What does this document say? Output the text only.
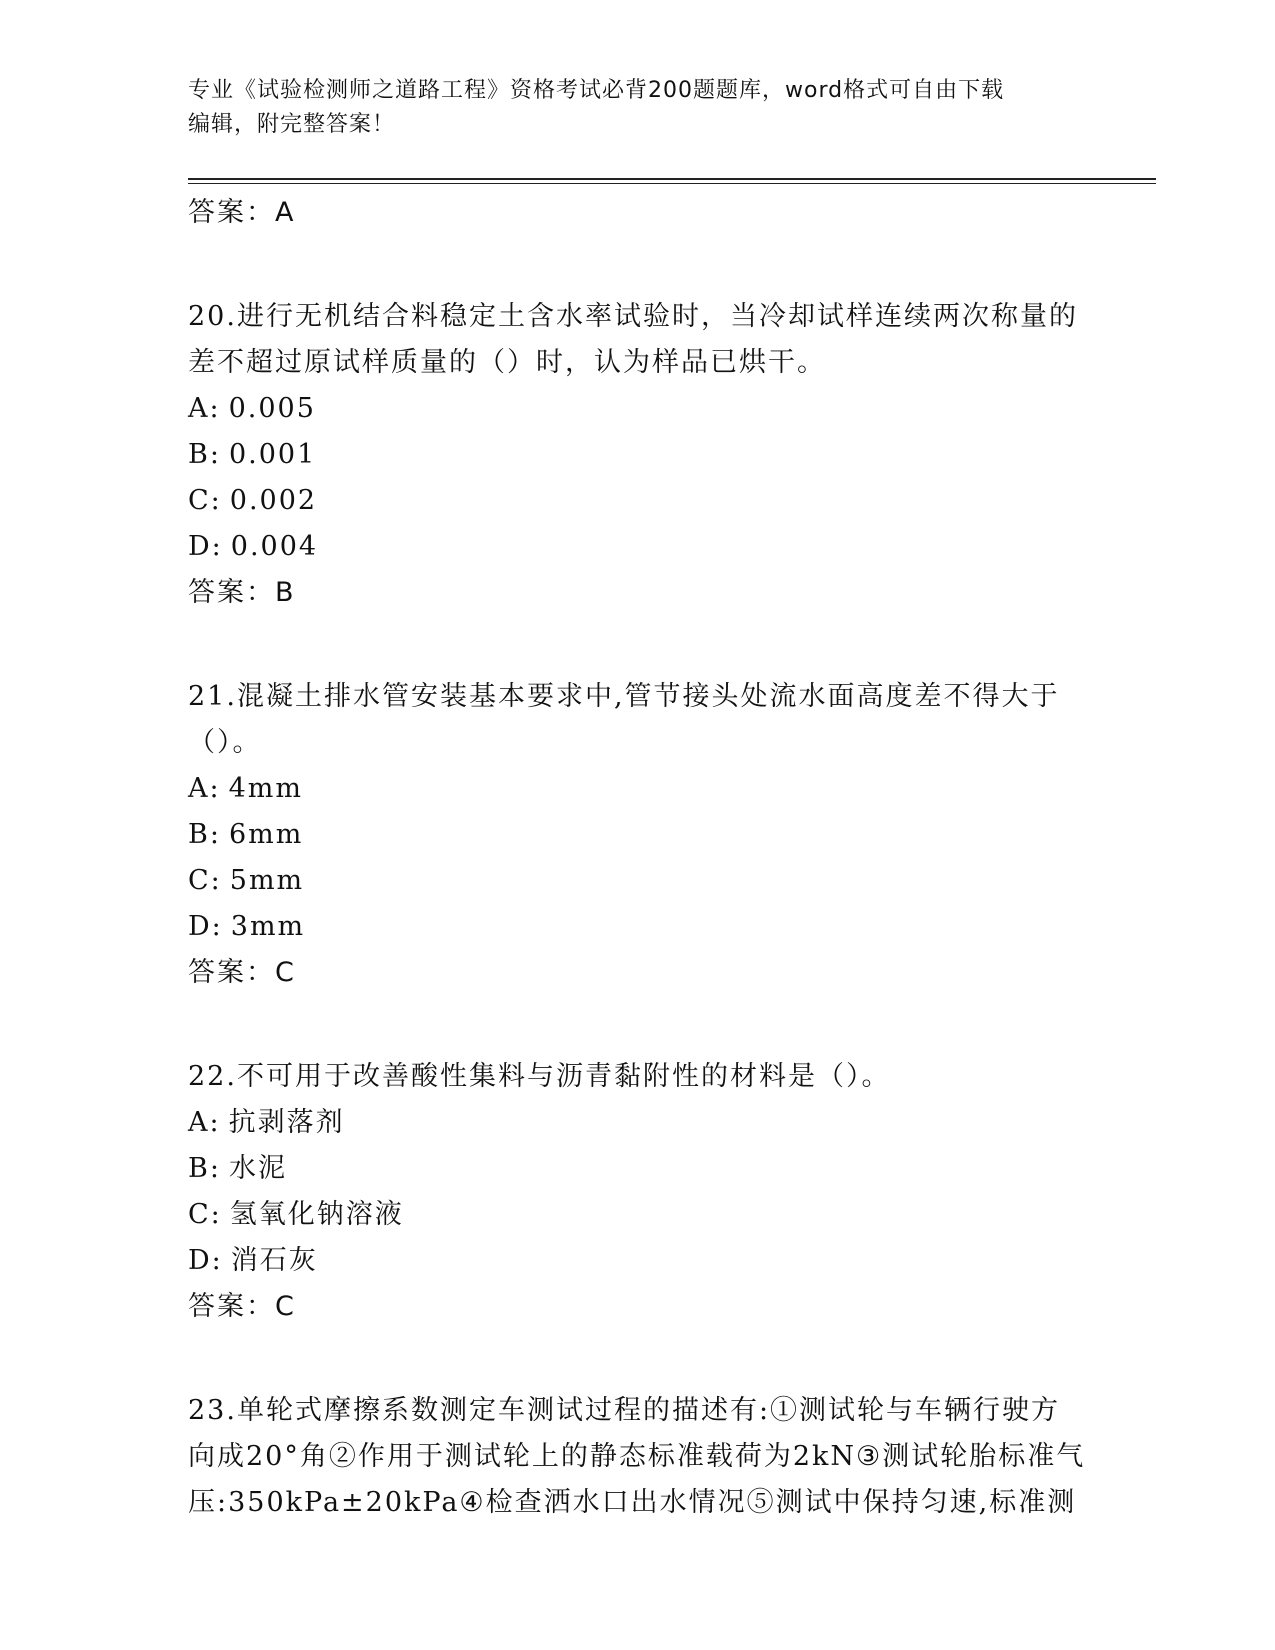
专业《试验检测师之道路工程》资格考试必背200题题库，word格式可自由下载
编辑，附完整答案！
答案：A
20.进行无机结合料稳定土含水率试验时，当冷却试样连续两次称量的差不超过原试样质量的（）时，认为样品已烘干。
A: 0.005
B: 0.001
C: 0.002
D: 0.004
答案：B
21.混凝土排水管安装基本要求中,管节接头处流水面高度差不得大于（）。
A: 4mm
B: 6mm
C: 5mm
D: 3mm
答案：C
22.不可用于改善酸性集料与沥青黏附性的材料是（）。
A: 抗剥落剂
B: 水泥
C: 氢氧化钠溶液
D: 消石灰
答案：C
23.单轮式摩擦系数测定车测试过程的描述有:①测试轮与车辆行驶方向成20°角②作用于测试轮上的静态标准载荷为2kN③测试轮胎标准气压:350kPa±20kPa④检查洒水口出水情况⑤测试中保持匀速,标准测
